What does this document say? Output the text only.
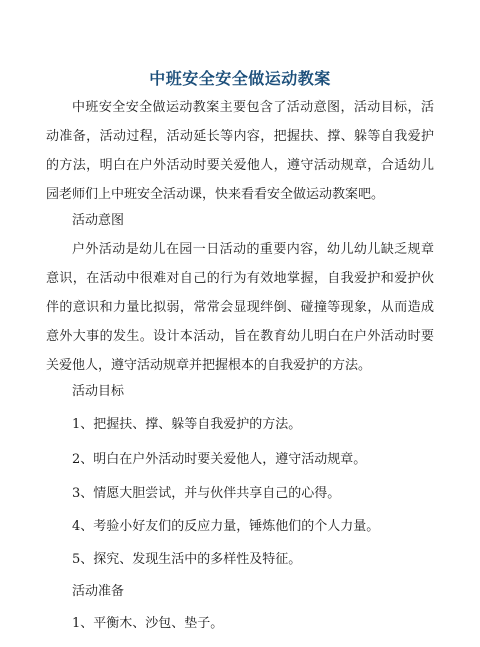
中班安全安全做运动教案

中班安全安全做运动教案主要包含了活动意图，活动目标，活动准备，活动过程，活动延长等内容，把握扶、撑、躲等自我爱护的方法，明白在户外活动时要关爱他人，遵守活动规章，合适幼儿园老师们上中班安全活动课，快来看看安全做运动教案吧。

活动意图

户外活动是幼儿在园一日活动的重要内容，幼儿幼儿缺乏规章意识，在活动中很难对自己的行为有效地掌握，自我爱护和爱护伙伴的意识和力量比拟弱，常常会显现绊倒、碰撞等现象，从而造成意外大事的发生。设计本活动，旨在教育幼儿明白在户外活动时要关爱他人，遵守活动规章并把握根本的自我爱护的方法。

活动目标

1、把握扶、撑、躲等自我爱护的方法。

2、明白在户外活动时要关爱他人，遵守活动规章。

3、情愿大胆尝试，并与伙伴共享自己的心得。

4、考验小好友们的反应力量，锤炼他们的个人力量。

5、探究、发现生活中的多样性及特征。

活动准备

1、平衡木、沙包、垫子。
